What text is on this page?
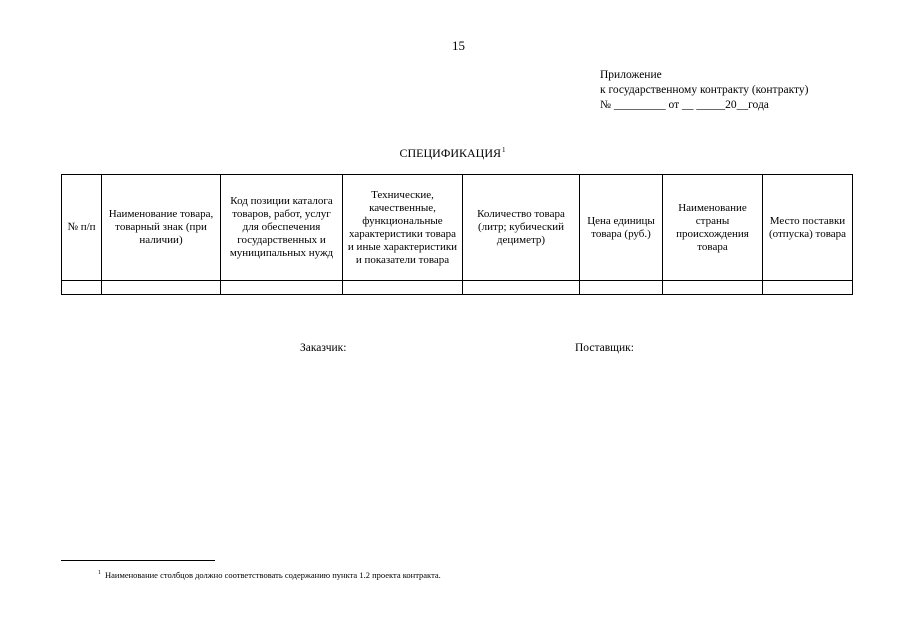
15
Приложение
к государственному контракту (контракту)
№ _________ от __ _____20__года
СПЕЦИФИКАЦИЯ$^1$
№ п/п	Наименование товара, товарный знак (при наличии)	Код позиции каталога товаров, работ, услуг для обеспечения государственных и муниципальных нужд	Технические, качественные, функциональные характеристики товара и иные характеристики и показатели товара	Количество товара (литр; кубический дециметр)	Цена единицы товара (руб.)	Наименование страны происхождения товара	Место поставки (отпуска) товара

Заказчик:	Поставщик:
$^1$ Наименование столбцов должно соответствовать содержанию пункта 1.2 проекта контракта.
